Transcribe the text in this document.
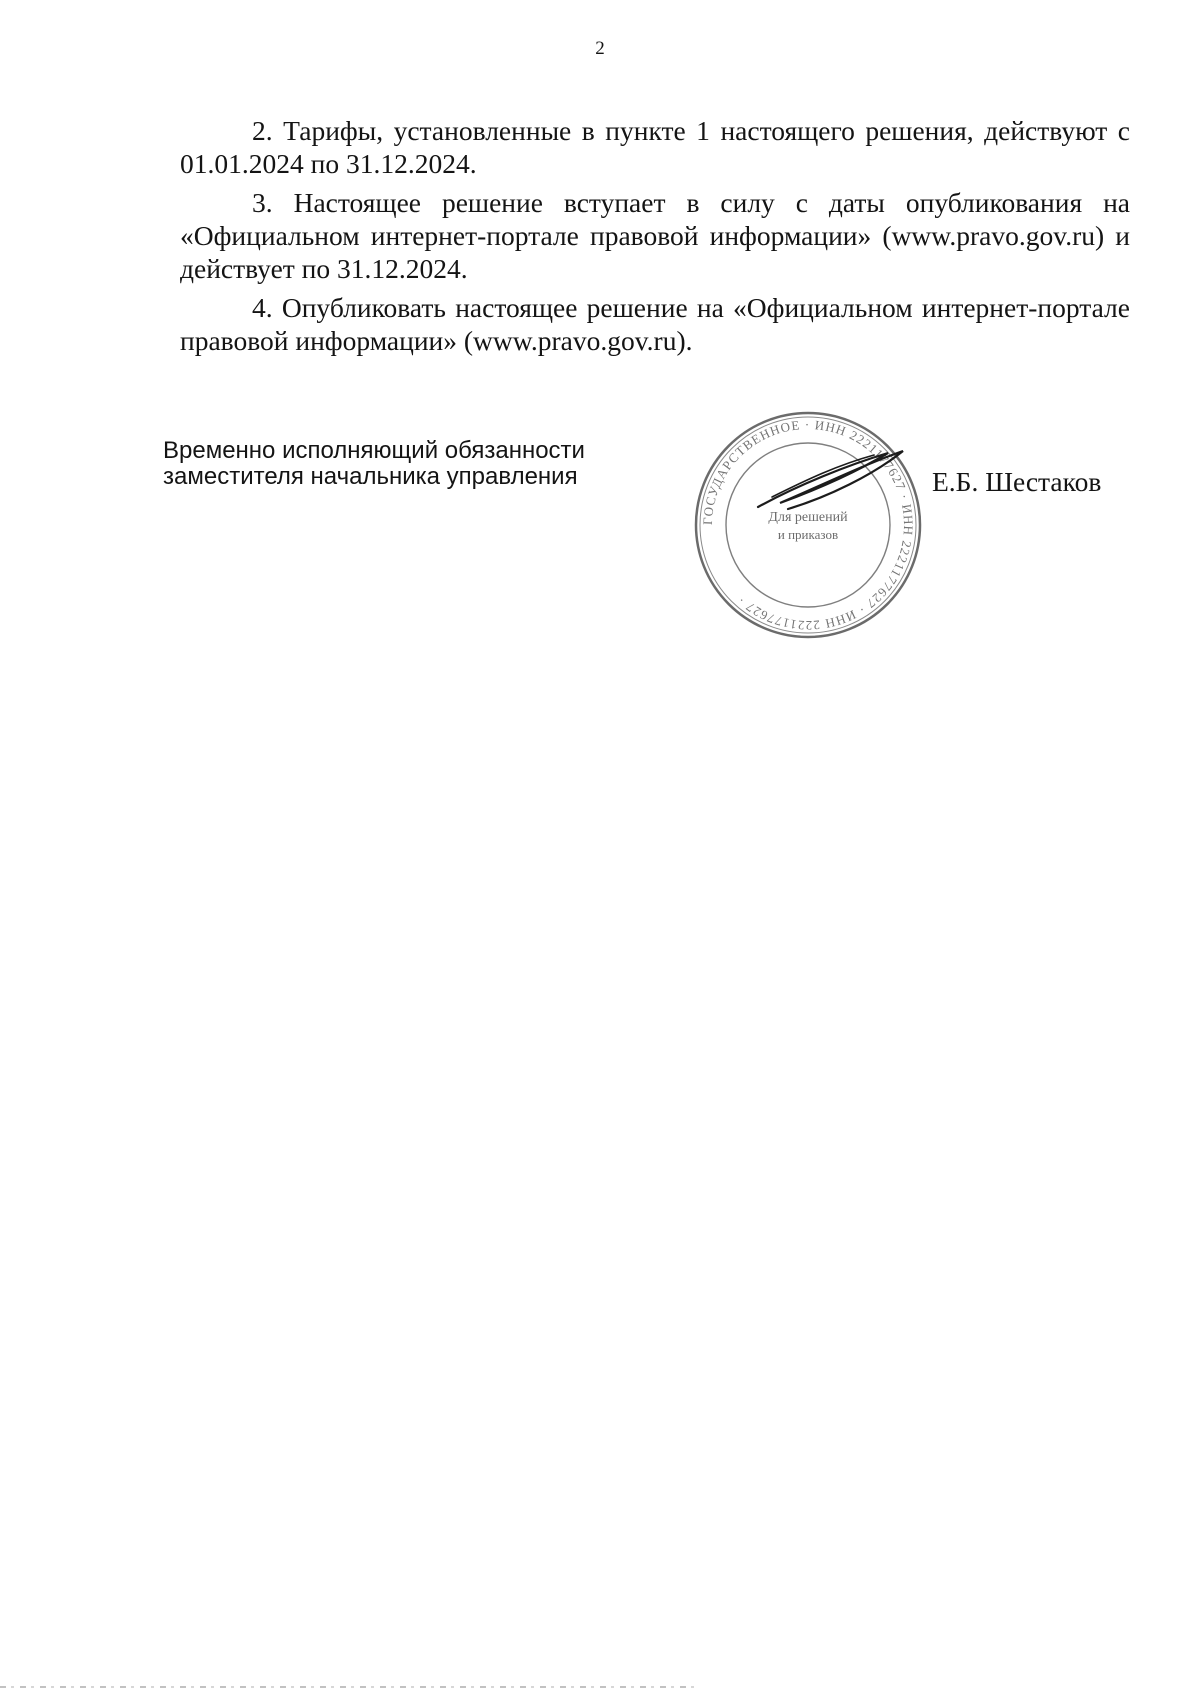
2

2. Тарифы, установленные в пункте 1 настоящего решения, действуют с 01.01.2024 по 31.12.2024.

3. Настоящее решение вступает в силу с даты опубликования на «Официальном интернет-портале правовой информации» (www.pravo.gov.ru) и действует по 31.12.2024.

4. Опубликовать настоящее решение на «Официальном интернет-портале правовой информации» (www.pravo.gov.ru).

Временно исполняющий обязанности
заместителя начальника управления
ГОСУДАРСТВЕННОЕ · ИНН 2221177627 · ИНН 2221177627 · ИНН 2221177627 ·
Для решений
и приказов
Е.Б. Шестаков
